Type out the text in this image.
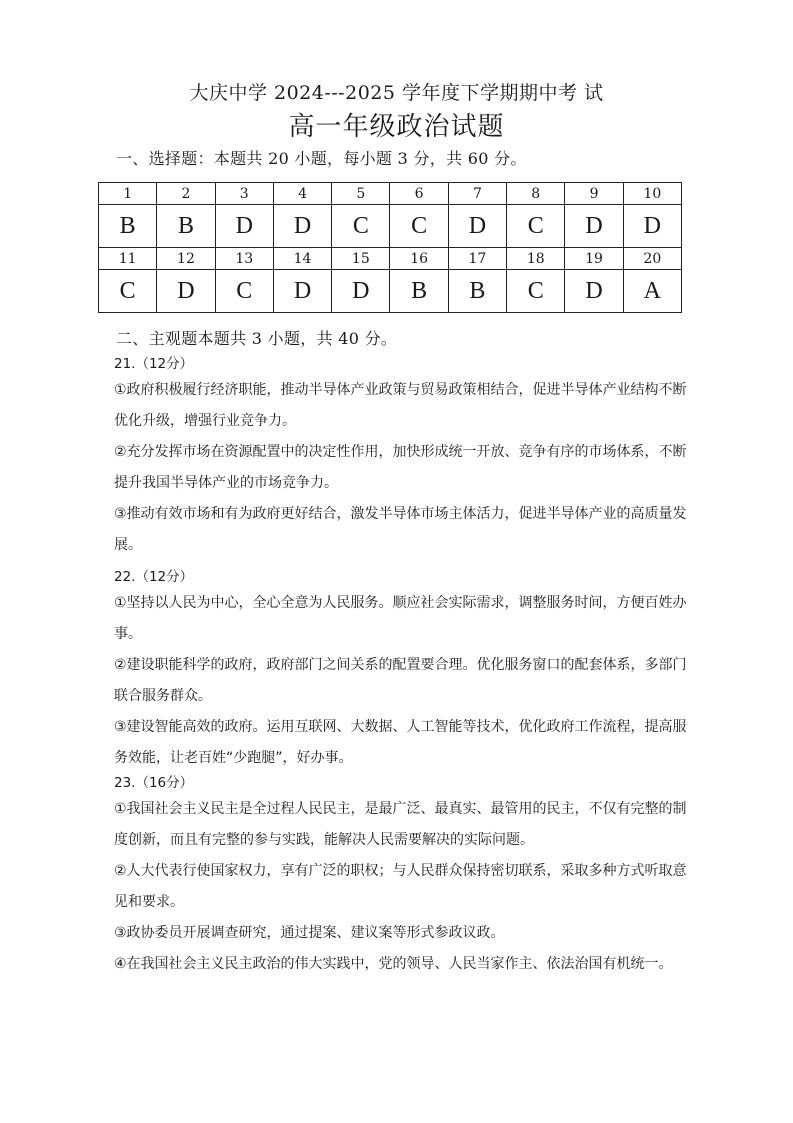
大庆中学 2024---2025 学年度下学期期中考 试
高一年级政治试题
一、选择题：本题共 20 小题，每小题 3 分，共 60 分。
1	2	3	4	5	6	7	8	9	10
B	B	D	D	C	C	D	C	D	D
11	12	13	14	15	16	17	18	19	20
C	D	C	D	D	B	B	C	D	A
二、主观题本题共 3 小题，共 40 分。
21.（12分）
①政府积极履行经济职能，推动半导体产业政策与贸易政策相结合，促进半导体产业结构不断优化升级，增强行业竞争力。
②充分发挥市场在资源配置中的决定性作用，加快形成统一开放、竞争有序的市场体系，不断提升我国半导体产业的市场竞争力。
③推动有效市场和有为政府更好结合，激发半导体市场主体活力，促进半导体产业的高质量发展。
22.（12分）
①坚持以人民为中心，全心全意为人民服务。顺应社会实际需求，调整服务时间，方便百姓办事。
②建设职能科学的政府，政府部门之间关系的配置要合理。优化服务窗口的配套体系，多部门联合服务群众。
③建设智能高效的政府。运用互联网、大数据、人工智能等技术，优化政府工作流程，提高服务效能，让老百姓“少跑腿”，好办事。
23.（16分）
①我国社会主义民主是全过程人民民主，是最广泛、最真实、最管用的民主，不仅有完整的制度创新，而且有完整的参与实践，能解决人民需要解决的实际问题。
②人大代表行使国家权力，享有广泛的职权；与人民群众保持密切联系，采取多种方式听取意见和要求。
③政协委员开展调查研究，通过提案、建议案等形式参政议政。
④在我国社会主义民主政治的伟大实践中，党的领导、人民当家作主、依法治国有机统一。
